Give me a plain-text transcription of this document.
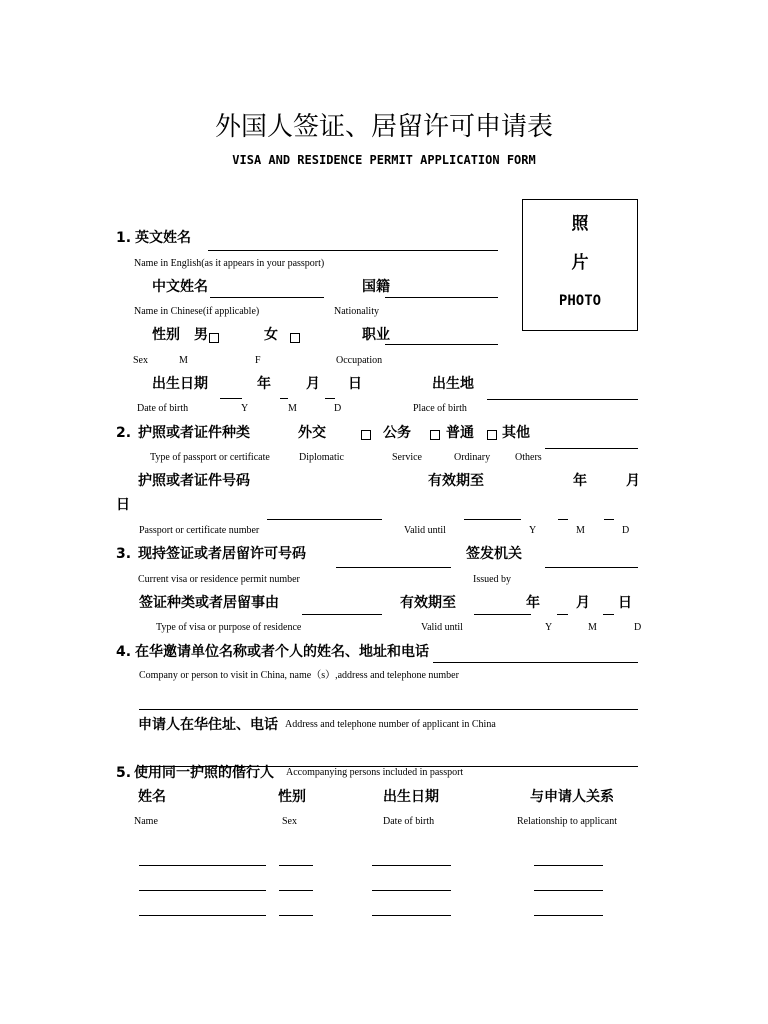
外国人签证、居留许可申请表
VISA AND RESIDENCE PERMIT APPLICATION FORM
照
片
PHOTO
1. 英文姓名
Name in English(as it appears in your passport)
中文姓名	国籍
Name in Chinese(if applicable)	Nationality
性别 男	女	职业
Sex	M	F	Occupation
出生日期	年	月 日	出生地
Date of birth	Y	M	D	Place of birth
2. 护照或者证件种类	外交	公务	普通 其他
Type of passport or certificate	Diplomatic	Service	Ordinary Others
护照或者证件号码	有效期至	年	月
日
Passport or certificate number	Valid until	Y	M	D
3. 现持签证或者居留许可号码	签发机关
Current visa or residence permit number	Issued by
签证种类或者居留事由	有效期至	年	月 日
Type of visa or purpose of residence	Valid until	Y	M	D
4. 在华邀请单位名称或者个人的姓名、地址和电话
Company or person to visit in China, name（s）,address and telephone number
申请人在华住址、电话 Address and telephone number of applicant in China
5. 使用同一护照的偕行人 Accompanying persons included in passport
姓名	性别	出生日期	与申请人关系
Name	Sex	Date of birth	Relationship to applicant
